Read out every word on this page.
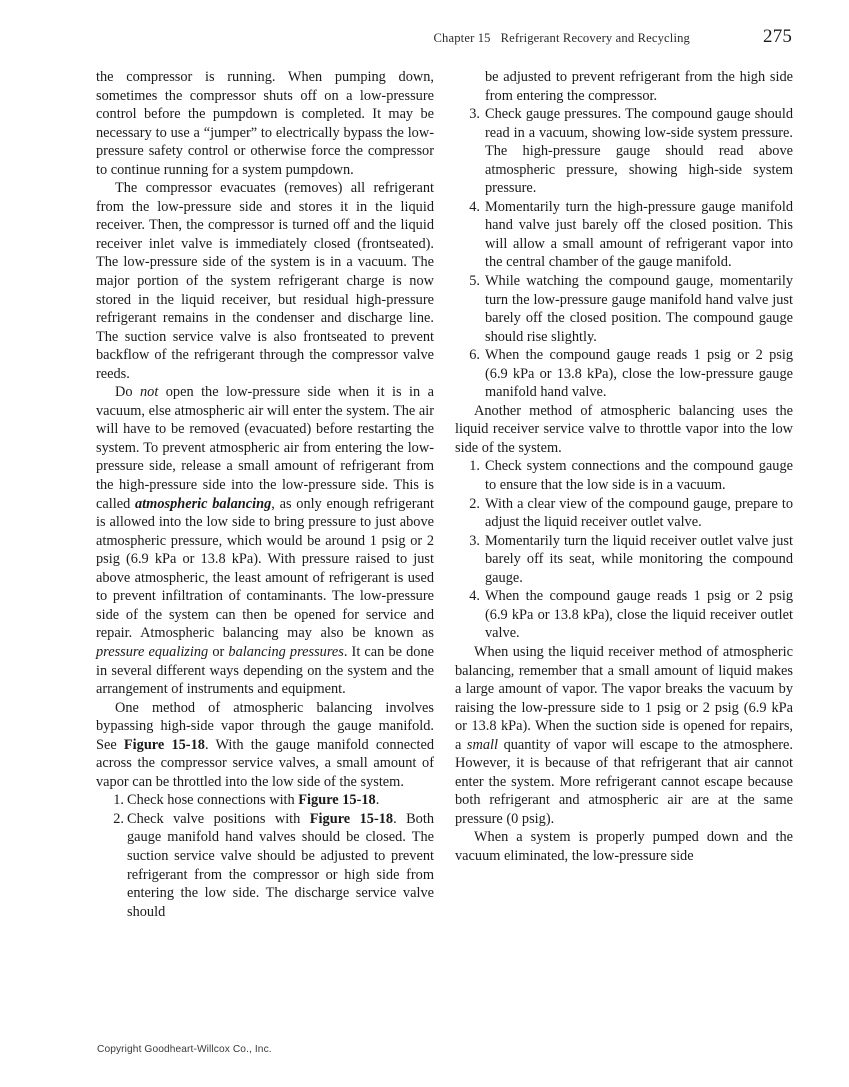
Chapter 15 Refrigerant Recovery and Recycling	275

the compressor is running. When pumping down, sometimes the compressor shuts off on a low-pressure control before the pumpdown is completed. It may be necessary to use a “jumper” to electrically bypass the low-pressure safety control or otherwise force the compressor to continue running for a system pumpdown.

The compressor evacuates (removes) all refrigerant from the low-pressure side and stores it in the liquid receiver. Then, the compressor is turned off and the liquid receiver inlet valve is immediately closed (frontseated). The low-pressure side of the system is in a vacuum. The major portion of the system refrigerant charge is now stored in the liquid receiver, but residual high-pressure refrigerant remains in the condenser and discharge line. The suction service valve is also frontseated to prevent backflow of the refrigerant through the compressor valve reeds.

Do not open the low-pressure side when it is in a vacuum, else atmospheric air will enter the system. The air will have to be removed (evacuated) before restarting the system. To prevent atmospheric air from entering the low-pressure side, release a small amount of refrigerant from the high-pressure side into the low-pressure side. This is called atmospheric balancing, as only enough refrigerant is allowed into the low side to bring pressure to just above atmospheric pressure, which would be around 1 psig or 2 psig (6.9 kPa or 13.8 kPa). With pressure raised to just above atmospheric, the least amount of refrigerant is used to prevent infiltration of contaminants. The low-pressure side of the system can then be opened for service and repair. Atmospheric balancing may also be known as pressure equalizing or balancing pressures. It can be done in several different ways depending on the system and the arrangement of instruments and equipment.

One method of atmospheric balancing involves bypassing high-side vapor through the gauge manifold. See Figure 15-18. With the gauge manifold connected across the compressor service valves, a small amount of vapor can be throttled into the low side of the system.

1. Check hose connections with Figure 15-18.
2. Check valve positions with Figure 15-18. Both gauge manifold hand valves should be closed. The suction service valve should be adjusted to prevent refrigerant from the compressor or high side from entering the low side. The discharge service valve should
be adjusted to prevent refrigerant from the high side from entering the compressor.
3. Check gauge pressures. The compound gauge should read in a vacuum, showing low-side system pressure. The high-pressure gauge should read above atmospheric pressure, showing high-side system pressure.
4. Momentarily turn the high-pressure gauge manifold hand valve just barely off the closed position. This will allow a small amount of refrigerant vapor into the central chamber of the gauge manifold.
5. While watching the compound gauge, momentarily turn the low-pressure gauge manifold hand valve just barely off the closed position. The compound gauge should rise slightly.
6. When the compound gauge reads 1 psig or 2 psig (6.9 kPa or 13.8 kPa), close the low-pressure gauge manifold hand valve.

Another method of atmospheric balancing uses the liquid receiver service valve to throttle vapor into the low side of the system.

1. Check system connections and the compound gauge to ensure that the low side is in a vacuum.
2. With a clear view of the compound gauge, prepare to adjust the liquid receiver outlet valve.
3. Momentarily turn the liquid receiver outlet valve just barely off its seat, while monitoring the compound gauge.
4. When the compound gauge reads 1 psig or 2 psig (6.9 kPa or 13.8 kPa), close the liquid receiver outlet valve.

When using the liquid receiver method of atmospheric balancing, remember that a small amount of liquid makes a large amount of vapor. The vapor breaks the vacuum by raising the low-pressure side to 1 psig or 2 psig (6.9 kPa or 13.8 kPa). When the suction side is opened for repairs, a small quantity of vapor will escape to the atmosphere. However, it is because of that refrigerant that air cannot enter the system. More refrigerant cannot escape because both refrigerant and atmospheric air are at the same pressure (0 psig).

When a system is properly pumped down and the vacuum eliminated, the low-pressure side

Copyright Goodheart-Willcox Co., Inc.
